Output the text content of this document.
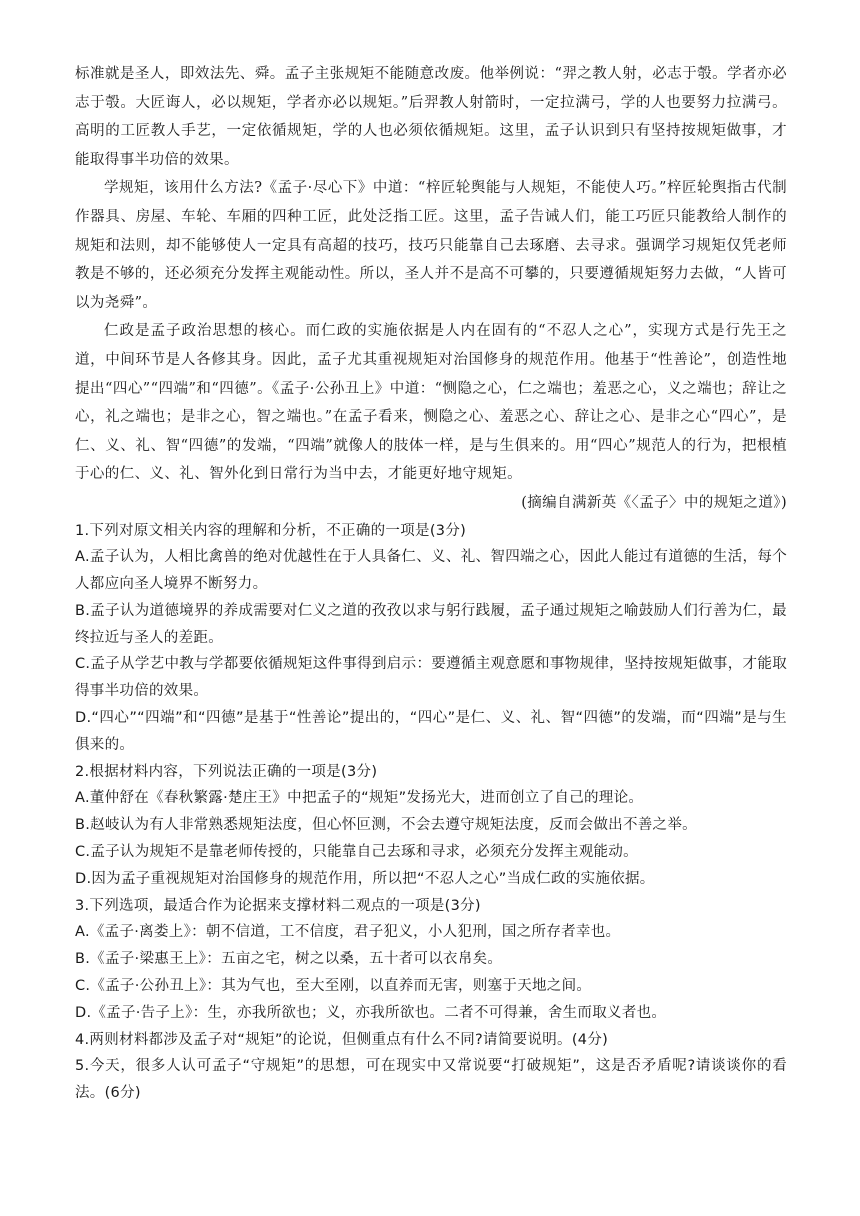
标准就是圣人，即效法先、舜。孟子主张规矩不能随意改废。他举例说：“羿之教人射，必志于彀。学者亦必志于彀。大匠诲人，必以规矩，学者亦必以规矩。”后羿教人射箭时，一定拉满弓，学的人也要努力拉满弓。高明的工匠教人手艺，一定依循规矩，学的人也必须依循规矩。这里，孟子认识到只有坚持按规矩做事，才能取得事半功倍的效果。

学规矩，该用什么方法?《孟子·尽心下》中道：“梓匠轮舆能与人规矩，不能使人巧。”梓匠轮舆指古代制作器具、房屋、车轮、车厢的四种工匠，此处泛指工匠。这里，孟子告诫人们，能工巧匠只能教给人制作的规矩和法则，却不能够使人一定具有高超的技巧，技巧只能靠自己去琢磨、去寻求。强调学习规矩仅凭老师教是不够的，还必须充分发挥主观能动性。所以，圣人并不是高不可攀的，只要遵循规矩努力去做，“人皆可以为尧舜”。

仁政是孟子政治思想的核心。而仁政的实施依据是人内在固有的“不忍人之心”，实现方式是行先王之道，中间环节是人各修其身。因此，孟子尤其重视规矩对治国修身的规范作用。他基于“性善论”，创造性地提出“四心”“四端”和“四德”。《孟子·公孙丑上》中道：“恻隐之心，仁之端也；羞恶之心，义之端也；辞让之心，礼之端也；是非之心，智之端也。”在孟子看来，恻隐之心、羞恶之心、辞让之心、是非之心“四心”，是仁、义、礼、智“四德”的发端，“四端”就像人的肢体一样，是与生俱来的。用“四心”规范人的行为，把根植于心的仁、义、礼、智外化到日常行为当中去，才能更好地守规矩。

(摘编自满新英《〈孟子〉中的规矩之道》)

1.下列对原文相关内容的理解和分析，不正确的一项是(3分)

A.孟子认为，人相比禽兽的绝对优越性在于人具备仁、义、礼、智四端之心，因此人能过有道德的生活，每个人都应向圣人境界不断努力。

B.孟子认为道德境界的养成需要对仁义之道的孜孜以求与躬行践履，孟子通过规矩之喻鼓励人们行善为仁，最终拉近与圣人的差距。

C.孟子从学艺中教与学都要依循规矩这件事得到启示：要遵循主观意愿和事物规律，坚持按规矩做事，才能取得事半功倍的效果。

D.“四心”“四端”和“四德”是基于“性善论”提出的，“四心”是仁、义、礼、智“四德”的发端，而“四端”是与生俱来的。

2.根据材料内容，下列说法正确的一项是(3分)

A.董仲舒在《春秋繁露·楚庄王》中把孟子的“规矩”发扬光大，进而创立了自己的理论。

B.赵岐认为有人非常熟悉规矩法度，但心怀叵测，不会去遵守规矩法度，反而会做出不善之举。

C.孟子认为规矩不是靠老师传授的，只能靠自己去琢和寻求，必须充分发挥主观能动。

D.因为孟子重视规矩对治国修身的规范作用，所以把“不忍人之心”当成仁政的实施依据。

3.下列选项，最适合作为论据来支撑材料二观点的一项是(3分)

A.《孟子·离娄上》：朝不信道，工不信度，君子犯义，小人犯刑，国之所存者幸也。

B.《孟子·梁惠王上》：五亩之宅，树之以桑，五十者可以衣帛矣。

C.《孟子·公孙丑上》：其为气也，至大至刚，以直养而无害，则塞于天地之间。

D.《孟子·告子上》：生，亦我所欲也；义，亦我所欲也。二者不可得兼，舍生而取义者也。

4.两则材料都涉及孟子对“规矩”的论说，但侧重点有什么不同?请简要说明。(4分)

5.今天，很多人认可孟子“守规矩”的思想，可在现实中又常说要“打破规矩”，这是否矛盾呢?请谈谈你的看法。(6分)
